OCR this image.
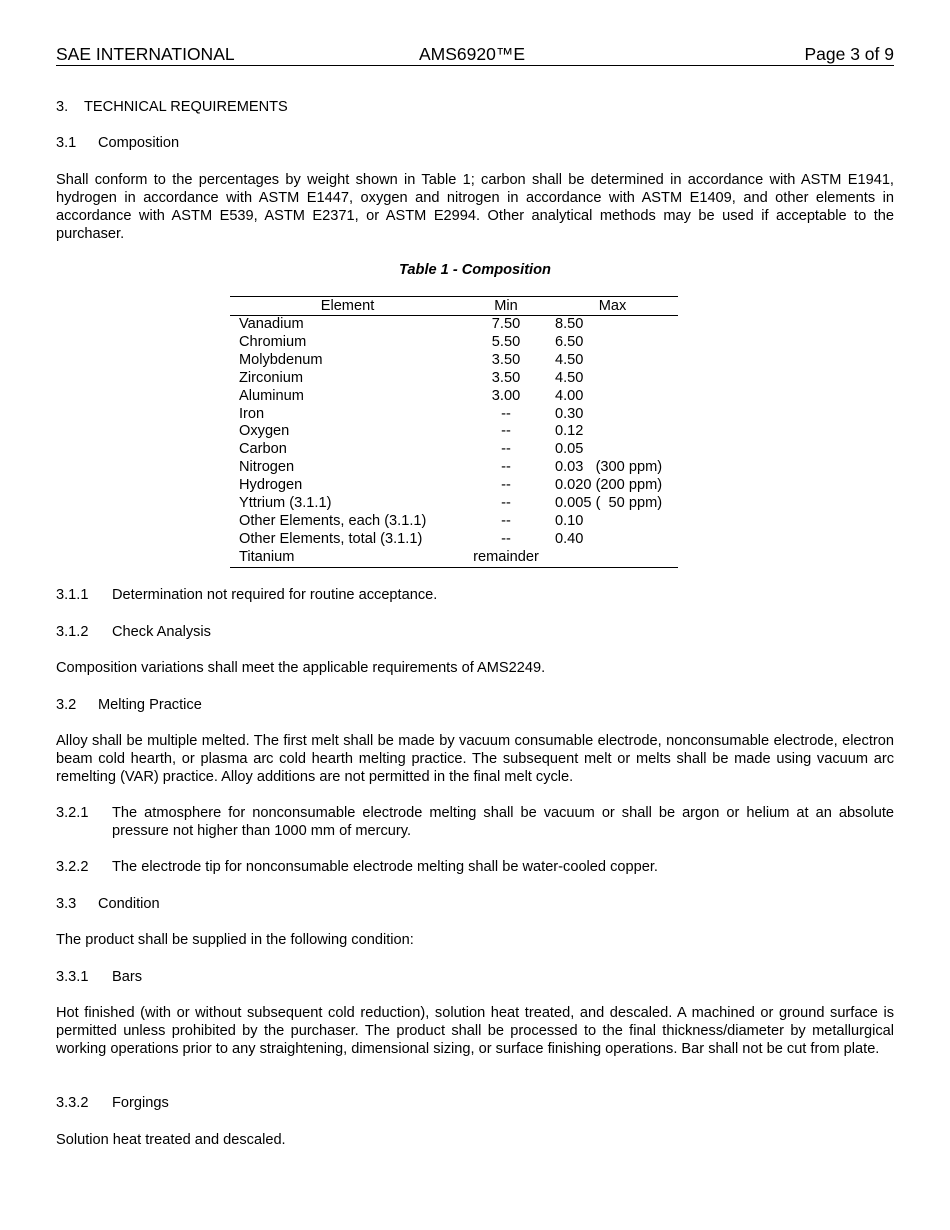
SAE INTERNATIONAL	AMS6920™E	Page 3 of 9
3. TECHNICAL REQUIREMENTS
3.1 Composition
Shall conform to the percentages by weight shown in Table 1; carbon shall be determined in accordance with ASTM E1941, hydrogen in accordance with ASTM E1447, oxygen and nitrogen in accordance with ASTM E1409, and other elements in accordance with ASTM E539, ASTM E2371, or ASTM E2994. Other analytical methods may be used if acceptable to the purchaser.
Table 1 - Composition
Element	Min	Max
Vanadium	7.50	8.50
Chromium	5.50	6.50
Molybdenum	3.50	4.50
Zirconium	3.50	4.50
Aluminum	3.00	4.00
Iron	--	0.30
Oxygen	--	0.12
Carbon	--	0.05
Nitrogen	--	0.03   (300 ppm)
Hydrogen	--	0.020 (200 ppm)
Yttrium (3.1.1)	--	0.005 (  50 ppm)
Other Elements, each (3.1.1)	--	0.10
Other Elements, total (3.1.1)	--	0.40
Titanium	remainder	
3.1.1 Determination not required for routine acceptance.
3.1.2 Check Analysis
Composition variations shall meet the applicable requirements of AMS2249.
3.2 Melting Practice
Alloy shall be multiple melted. The first melt shall be made by vacuum consumable electrode, nonconsumable electrode, electron beam cold hearth, or plasma arc cold hearth melting practice. The subsequent melt or melts shall be made using vacuum arc remelting (VAR) practice. Alloy additions are not permitted in the final melt cycle.
3.2.1 The atmosphere for nonconsumable electrode melting shall be vacuum or shall be argon or helium at an absolute pressure not higher than 1000 mm of mercury.
3.2.2 The electrode tip for nonconsumable electrode melting shall be water-cooled copper.
3.3 Condition
The product shall be supplied in the following condition:
3.3.1 Bars
Hot finished (with or without subsequent cold reduction), solution heat treated, and descaled. A machined or ground surface is permitted unless prohibited by the purchaser. The product shall be processed to the final thickness/diameter by metallurgical working operations prior to any straightening, dimensional sizing, or surface finishing operations. Bar shall not be cut from plate.
3.3.2 Forgings
Solution heat treated and descaled.
